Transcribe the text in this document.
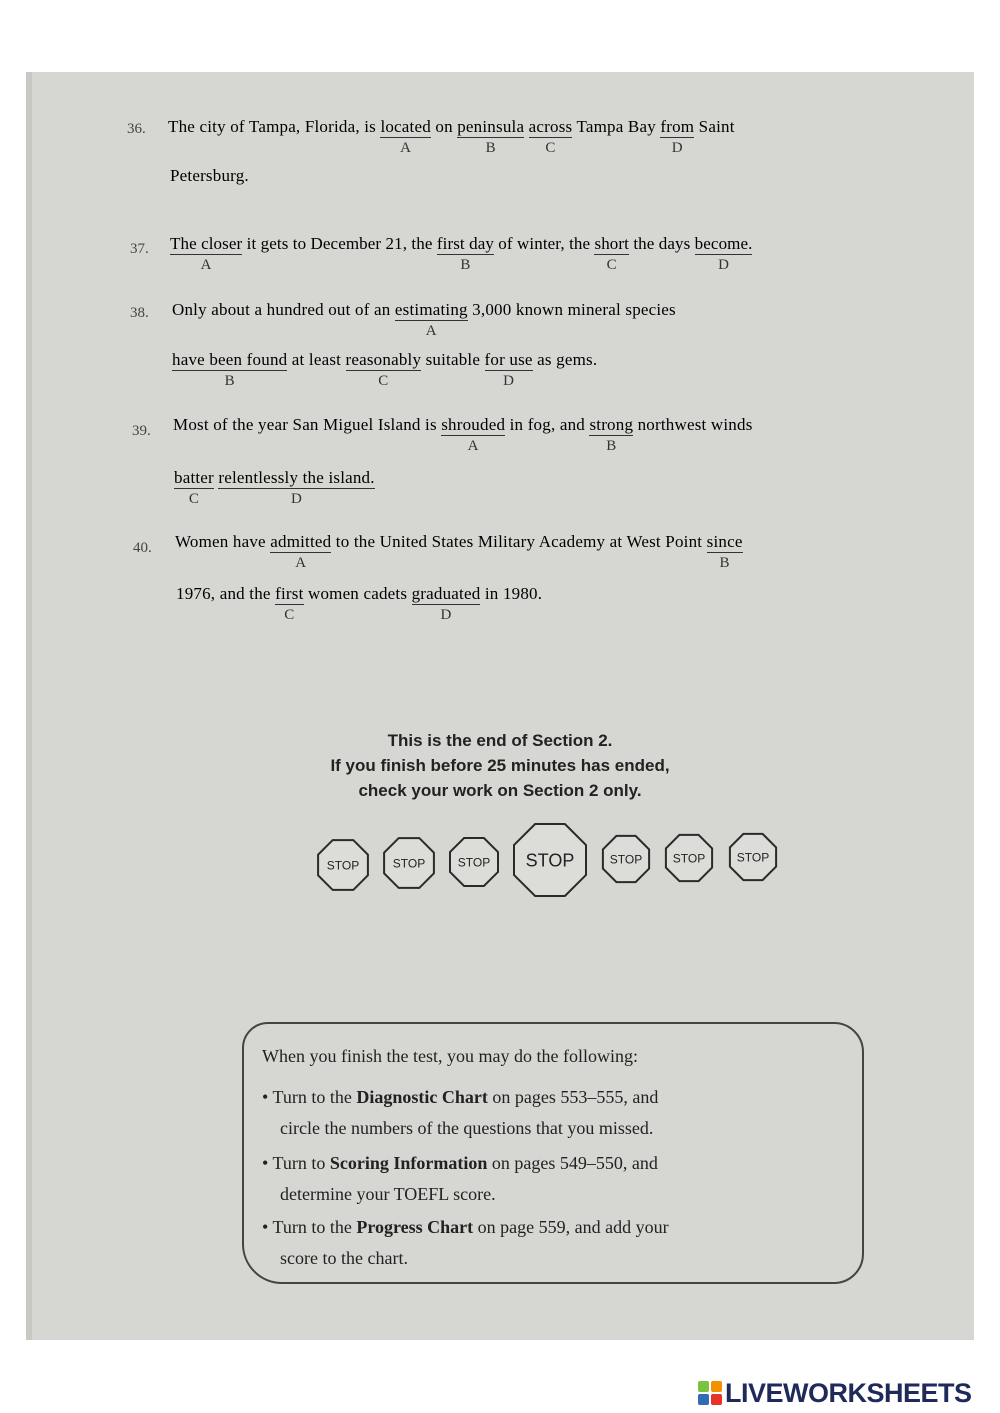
36. The city of Tampa, Florida, is located
A
on peninsula
B
across
C
Tampa Bay from
D
Saint
Petersburg.
37. The closer
A
it gets to December 21, the first day
B
of winter, the short
C
the days become.
D
38. Only about a hundred out of an estimating
A
3,000 known mineral species
have been found
B
at least reasonably
C
suitable for use
D
as gems.
39. Most of the year San Miguel Island is shrouded
A
in fog, and strong
B
northwest winds
batter
C
relentlessly the island.
D
40. Women have admitted
A
to the United States Military Academy at West Point since
B
1976, and the first
C
women cadets graduated
D
in 1980.
This is the end of Section 2.
If you finish before 25 minutes has ended,
check your work on Section 2 only.
STOP	STOP	STOP STOP	STOP	STOP	STOP
When you finish the test, you may do the following:
• Turn to the Diagnostic Chart on pages 553–555, and
circle the numbers of the questions that you missed.
• Turn to Scoring Information on pages 549–550, and
determine your TOEFL score.
• Turn to the Progress Chart on page 559, and add your
score to the chart.
LIVEWORKSHEETS
